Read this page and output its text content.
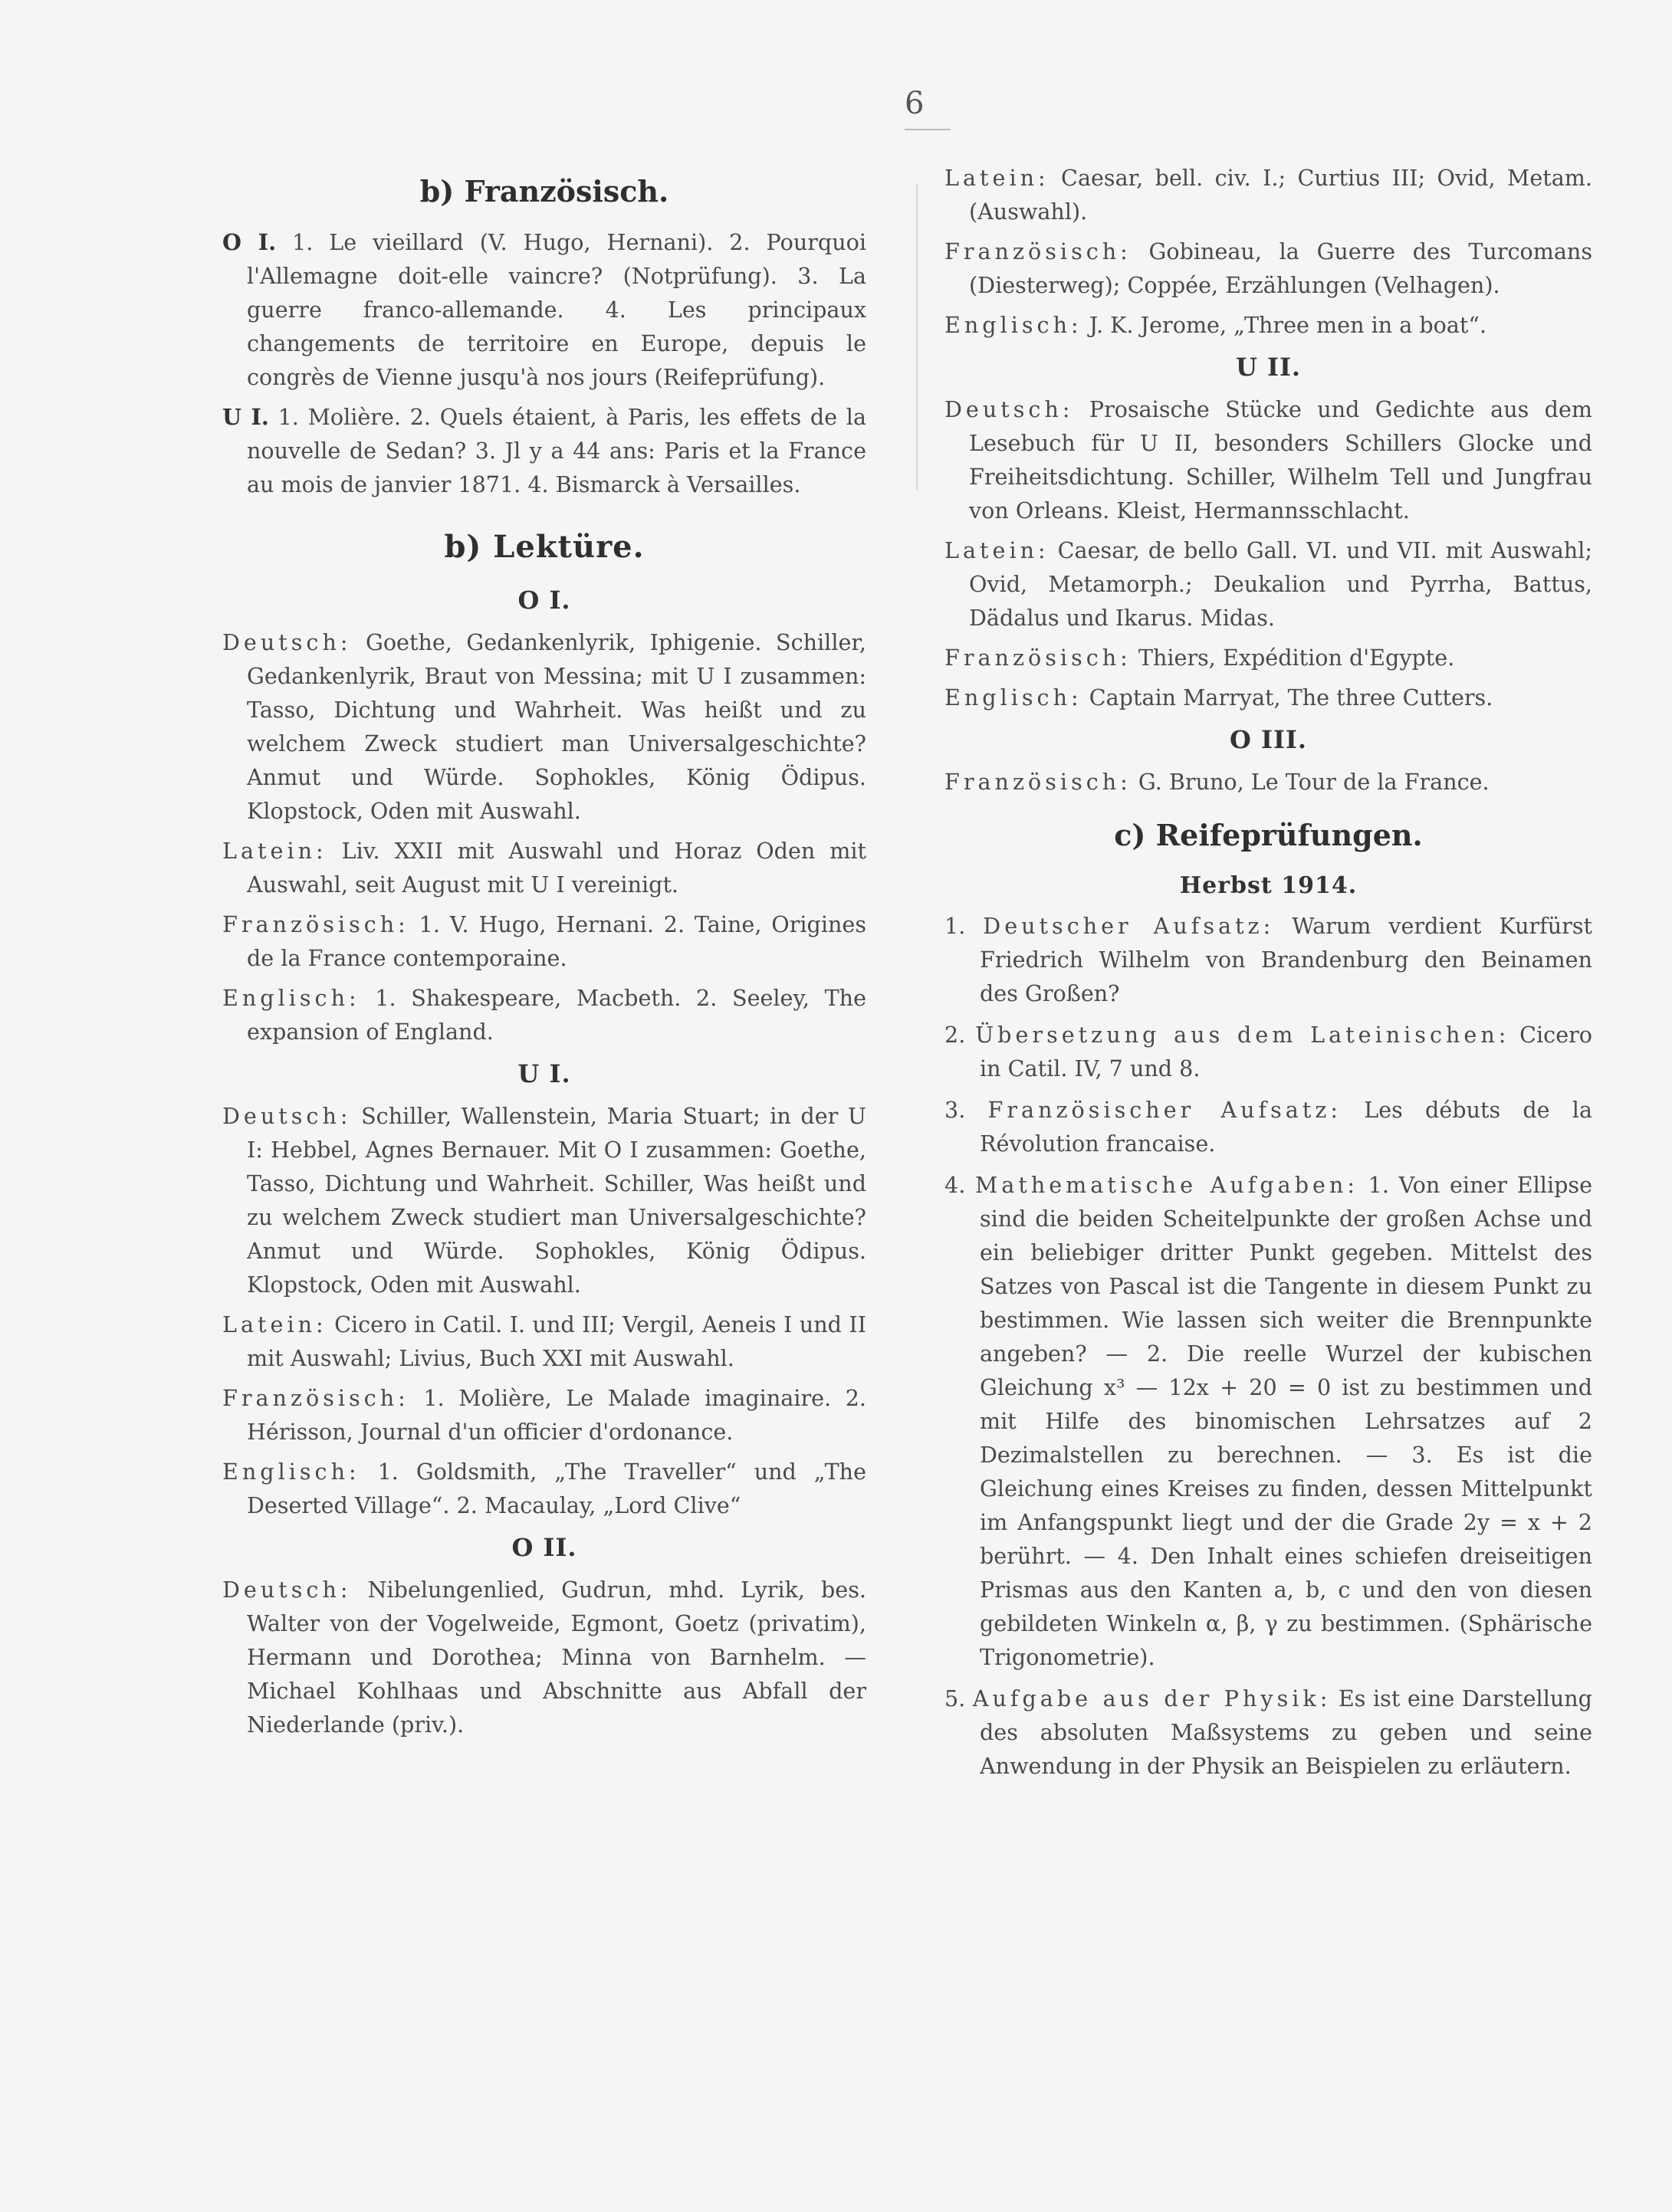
6
b) Französisch.

O I. 1. Le vieillard (V. Hugo, Hernani). 2. Pourquoi l'Allemagne doit-elle vaincre? (Notprüfung). 3. La guerre franco-allemande. 4. Les principaux changements de territoire en Europe, depuis le congrès de Vienne jusqu'à nos jours (Reifeprüfung).

U I. 1. Molière. 2. Quels étaient, à Paris, les effets de la nouvelle de Sedan? 3. Jl y a 44 ans: Paris et la France au mois de janvier 1871. 4. Bismarck à Versailles.

b) Lektüre.
O I.

Deutsch: Goethe, Gedankenlyrik, Iphigenie. Schiller, Gedankenlyrik, Braut von Messina; mit U I zusammen: Tasso, Dichtung und Wahrheit. Was heißt und zu welchem Zweck studiert man Universalgeschichte? Anmut und Würde. Sophokles, König Ödipus. Klopstock, Oden mit Auswahl.

Latein: Liv. XXII mit Auswahl und Horaz Oden mit Auswahl, seit August mit U I vereinigt.

Französisch: 1. V. Hugo, Hernani. 2. Taine, Origines de la France contemporaine.

Englisch: 1. Shakespeare, Macbeth. 2. Seeley, The expansion of England.

U I.

Deutsch: Schiller, Wallenstein, Maria Stuart; in der U I: Hebbel, Agnes Bernauer. Mit O I zusammen: Goethe, Tasso, Dichtung und Wahrheit. Schiller, Was heißt und zu welchem Zweck studiert man Universalgeschichte? Anmut und Würde. Sophokles, König Ödipus. Klopstock, Oden mit Auswahl.

Latein: Cicero in Catil. I. und III; Vergil, Aeneis I und II mit Auswahl; Livius, Buch XXI mit Auswahl.

Französisch: 1. Molière, Le Malade imaginaire. 2. Hérisson, Journal d'un officier d'ordonance.

Englisch: 1. Goldsmith, „The Traveller“ und „The Deserted Village“. 2. Macaulay, „Lord Clive“

O II.

Deutsch: Nibelungenlied, Gudrun, mhd. Lyrik, bes. Walter von der Vogelweide, Egmont, Goetz (privatim), Hermann und Dorothea; Minna von Barnhelm. — Michael Kohlhaas und Abschnitte aus Abfall der Niederlande (priv.).

Latein: Caesar, bell. civ. I.; Curtius III; Ovid, Metam. (Auswahl).

Französisch: Gobineau, la Guerre des Turcomans (Diesterweg); Coppée, Erzählungen (Velhagen).

Englisch: J. K. Jerome, „Three men in a boat“.

U II.

Deutsch: Prosaische Stücke und Gedichte aus dem Lesebuch für U II, besonders Schillers Glocke und Freiheitsdichtung. Schiller, Wilhelm Tell und Jungfrau von Orleans. Kleist, Hermannsschlacht.

Latein: Caesar, de bello Gall. VI. und VII. mit Auswahl; Ovid, Metamorph.; Deukalion und Pyrrha, Battus, Dädalus und Ikarus. Midas.

Französisch: Thiers, Expédition d'Egypte.

Englisch: Captain Marryat, The three Cutters.

O III.

Französisch: G. Bruno, Le Tour de la France.

c) Reifeprüfungen.
Herbst 1914.

1. Deutscher Aufsatz: Warum verdient Kurfürst Friedrich Wilhelm von Brandenburg den Beinamen des Großen?

2. Übersetzung aus dem Lateinischen: Cicero in Catil. IV, 7 und 8.

3. Französischer Aufsatz: Les débuts de la Révolution francaise.

4. Mathematische Aufgaben: 1. Von einer Ellipse sind die beiden Scheitelpunkte der großen Achse und ein beliebiger dritter Punkt gegeben. Mittelst des Satzes von Pascal ist die Tangente in diesem Punkt zu bestimmen. Wie lassen sich weiter die Brennpunkte angeben? — 2. Die reelle Wurzel der kubischen Gleichung x³ — 12x + 20 = 0 ist zu bestimmen und mit Hilfe des binomischen Lehrsatzes auf 2 Dezimalstellen zu berechnen. — 3. Es ist die Gleichung eines Kreises zu finden, dessen Mittelpunkt im Anfangspunkt liegt und der die Grade 2y = x + 2 berührt. — 4. Den Inhalt eines schiefen dreiseitigen Prismas aus den Kanten a, b, c und den von diesen gebildeten Winkeln α, β, γ zu bestimmen. (Sphärische Trigonometrie).

5. Aufgabe aus der Physik: Es ist eine Darstellung des absoluten Maßsystems zu geben und seine Anwendung in der Physik an Beispielen zu erläutern.
